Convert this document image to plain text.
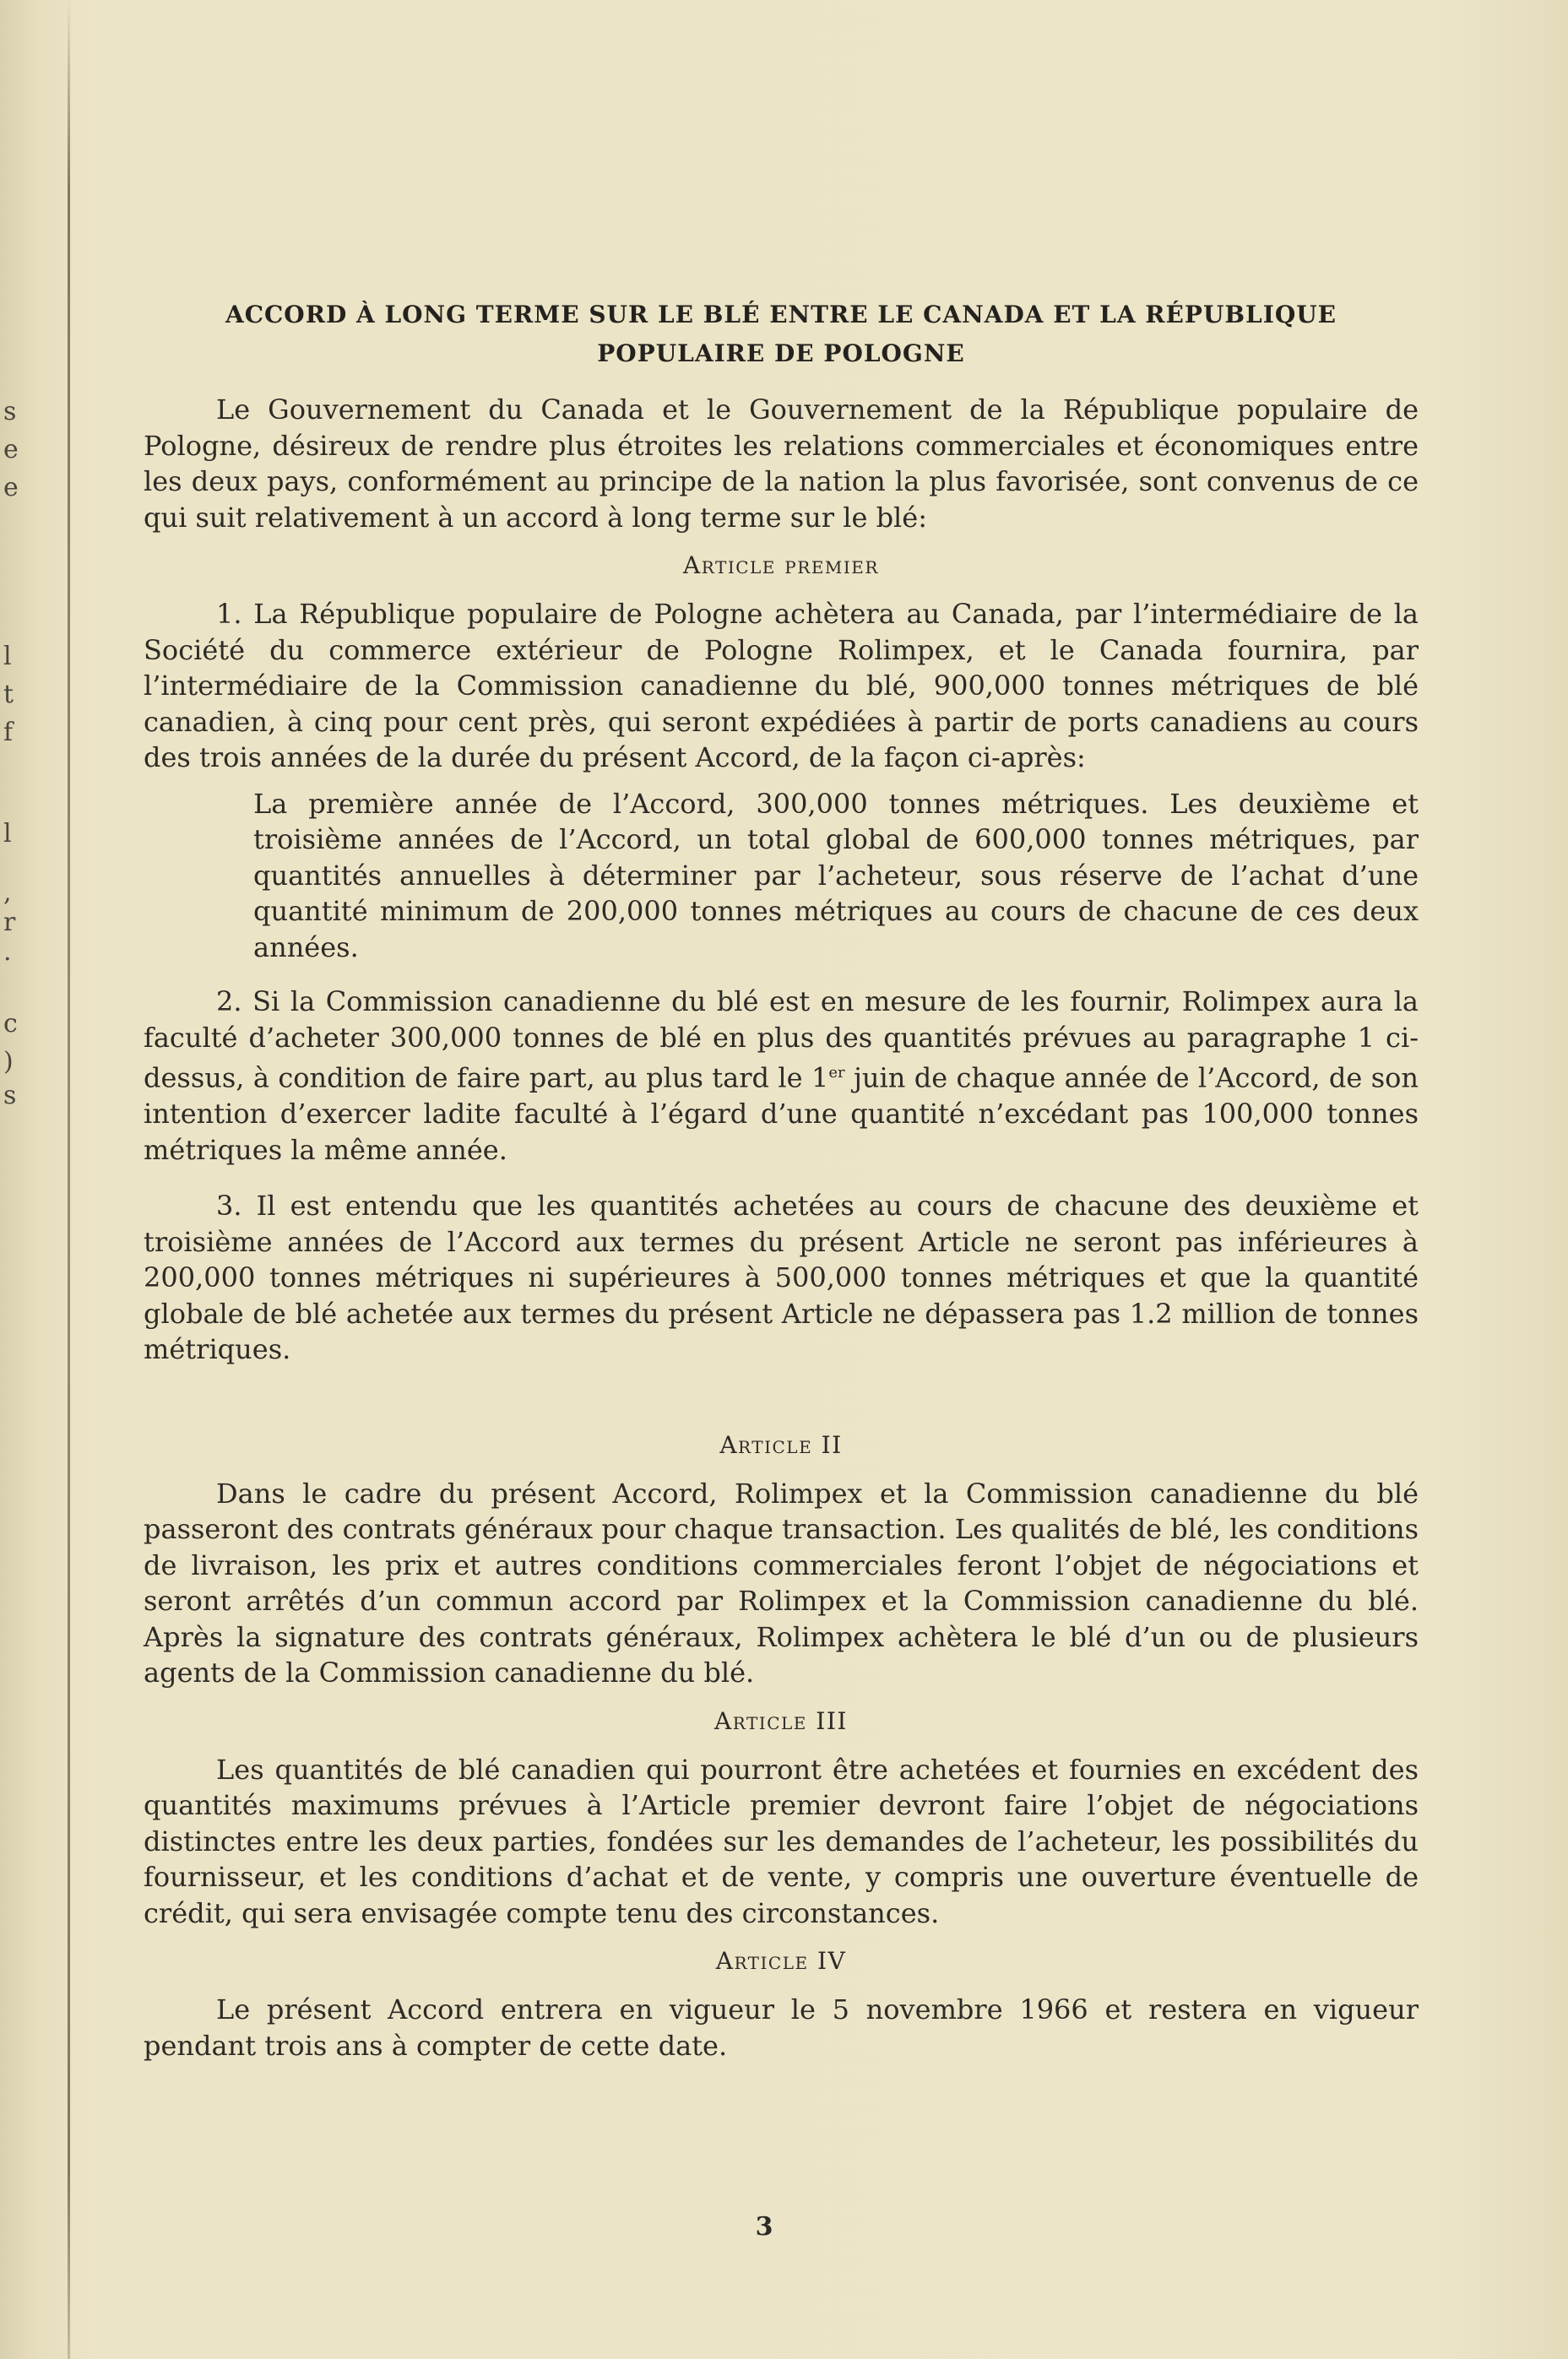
s
e
e
l
t
f
l
,
r
.
c
)
s
ACCORD À LONG TERME SUR LE BLÉ ENTRE LE CANADA ET LA RÉPUBLIQUE
POPULAIRE DE POLOGNE

Le Gouvernement du Canada et le Gouvernement de la République populaire de Pologne, désireux de rendre plus étroites les relations commerciales et économiques entre les deux pays, conformément au principe de la nation la plus favorisée, sont convenus de ce qui suit relativement à un accord à long terme sur le blé:

Article premier

1. La République populaire de Pologne achètera au Canada, par l’intermédiaire de la Société du commerce extérieur de Pologne Rolimpex, et le Canada fournira, par l’intermédiaire de la Commission canadienne du blé, 900,000 tonnes métriques de blé canadien, à cinq pour cent près, qui seront expédiées à partir de ports canadiens au cours des trois années de la durée du présent Accord, de la façon ci-après:

La première année de l’Accord, 300,000 tonnes métriques. Les deuxième et troisième années de l’Accord, un total global de 600,000 tonnes métriques, par quantités annuelles à déterminer par l’acheteur, sous réserve de l’achat d’une quantité minimum de 200,000 tonnes métriques au cours de chacune de ces deux années.

2. Si la Commission canadienne du blé est en mesure de les fournir, Rolimpex aura la faculté d’acheter 300,000 tonnes de blé en plus des quantités prévues au paragraphe 1 ci-dessus, à condition de faire part, au plus tard le 1er juin de chaque année de l’Accord, de son intention d’exercer ladite faculté à l’égard d’une quantité n’excédant pas 100,000 tonnes métriques la même année.

3. Il est entendu que les quantités achetées au cours de chacune des deuxième et troisième années de l’Accord aux termes du présent Article ne seront pas inférieures à 200,000 tonnes métriques ni supérieures à 500,000 tonnes métriques et que la quantité globale de blé achetée aux termes du présent Article ne dépassera pas 1.2 million de tonnes métriques.

Article II

Dans le cadre du présent Accord, Rolimpex et la Commission canadienne du blé passeront des contrats généraux pour chaque transaction. Les qualités de blé, les conditions de livraison, les prix et autres conditions commerciales feront l’objet de négociations et seront arrêtés d’un commun accord par Rolimpex et la Commission canadienne du blé. Après la signature des contrats généraux, Rolimpex achètera le blé d’un ou de plusieurs agents de la Commission canadienne du blé.

Article III

Les quantités de blé canadien qui pourront être achetées et fournies en excédent des quantités maximums prévues à l’Article premier devront faire l’objet de négociations distinctes entre les deux parties, fondées sur les demandes de l’acheteur, les possibilités du fournisseur, et les conditions d’achat et de vente, y compris une ouverture éventuelle de crédit, qui sera envisagée compte tenu des circonstances.

Article IV

Le présent Accord entrera en vigueur le 5 novembre 1966 et restera en vigueur pendant trois ans à compter de cette date.

3
